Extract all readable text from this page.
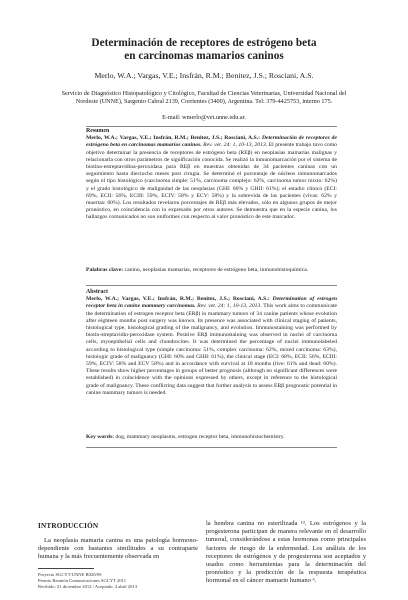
Determinación de receptores de estrógeno beta
en carcinomas mamarios caninos
Merlo, W.A.; Vargas, V.E.; Insfrán, R.M.; Benitez, J.S.; Rosciani, A.S.
Servicio de Diagnóstico Histopatológico y Citológico, Facultad de Ciencias Veterinarias, Universidad Nacional del Nordeste (UNNE), Sargento Cabral 2139, Corrientes (3400), Argentina. Tel: 379-4425753, interno 175.
E-mail: wmerlo@vet.unne.edu.ar.
Resumen
Merlo, W.A.; Vargas, V.E.; Insfrán, R.M.; Benitez, J.S.; Rosciani, A.S.: Determinación de receptores de estrógeno beta en carcinomas mamarios caninos. Rev. vet. 24: 1, 10-13, 2013. El presente trabajo tuvo como objetivo determinar la presencia de receptores de estrógeno beta (REβ) en neoplasias mamarias malignas y relacionarla con otros parámetros de significación conocida. Se realizó la inmunomarcación por el sistema de biotina-estreptavidina-peroxidasa para REβ en muestras obtenidas de 34 pacientes caninas con un seguimiento hasta dieciocho meses post cirugía. Se determinó el porcentaje de núcleos inmunomarcados según el tipo histológico (carcinoma simple: 51%, carcinoma complejo: 62%, carcinoma tumor mixto: 62%) y el grado histológico de malignidad de las neoplasias (GHI: 60% y GHII: 61%); el estadio clínico (ECI: 69%, ECII: 56%, ECIII: 59%, ECIV: 58% y ECV: 58%) y la sobrevida de las pacientes (vivas: 62% y muertas: 60%). Los resultados revelaron porcentajes de REβ más elevados, sólo en algunos grupos de mejor pronóstico, en coincidencia con lo expresado por otros autores. Se demuestra que en la especie canina, los hallazgos comunicados no son uniformes con respecto al valor pronóstico de este marcador.
Palabras clave: canino, neoplasias mamarias, receptores de estrógeno beta, inmunohistoquímica.
Abstract
Merlo, W.A.; Vargas, V.E.; Insfrán, R.M.; Benitez, J.S.; Rosciani, A.S.: Determination of estrogen receptor beta in canine mammary carcinomas. Rev. vet. 24: 1, 10-13, 2013. This work aims to communicate the determination of estrogen receptor beta (ERβ) in mammary tumors of 34 canine patients whose evolution after eighteen months post surgery was known. Its presence was associated with clinical staging of patients, histological type, histological grading of the malignancy, and evolution. Immunostaining was performed by biotin-streptavidin-peroxidase system. Positive ERβ immunostaining was observed in nuclei of carcinoma cells, myoepithelial cells and chondrocites. It was determined the percentage of nuclei immunolabeled according to histological type (simple carcinoma: 51%, complex carcinoma: 62%, mixed carcinoma: 63%), histologic grade of malignancy (GHI: 60% and GHII: 61%), the clinical stage (ECI: 68%, ECII: 56%, ECIII: 59%, ECIV: 58% and ECV 58%) and in accordance with survival at 18 months (live: 61% and dead: 60%). These results show higher percentages in groups of better prognosis (although no significant differences were established) in coincidence with the opinions expressed by others, except in reference to the histological grade of malignancy. These conflicting data suggest that further analysis to assess ERβ prognostic potential in canine mammary tumors is needed.
Key words: dog, mammary neoplasms, estrogen receptor beta, immunohistochemistry.
INTRODUCCIÓN
La neoplasia mamaria canina es una patología hormono-dependiente con bastantes similitudes a su contraparte humana y la más frecuentemente observada en
Proyecto SGCYT-UNNE B020/09
Premio Reunión Comunicaciones SGCYT 2011
Recibido: 21 diciembre 2012 / Aceptado: 4 abril 2013
la hembra canina no esterilizada ¹³. Los estrógenos y la progesterona participan de manera relevante en el desarrollo tumoral, considerándose a estas hormonas como principales factores de riesgo de la enfermedad. Los análisis de los receptores de estrógenos y de progesterona son aceptados y usados como herramientas para la determinación del pronóstico y la predicción de la respuesta terapéutica hormonal en el cáncer mamario humano ⁶.
